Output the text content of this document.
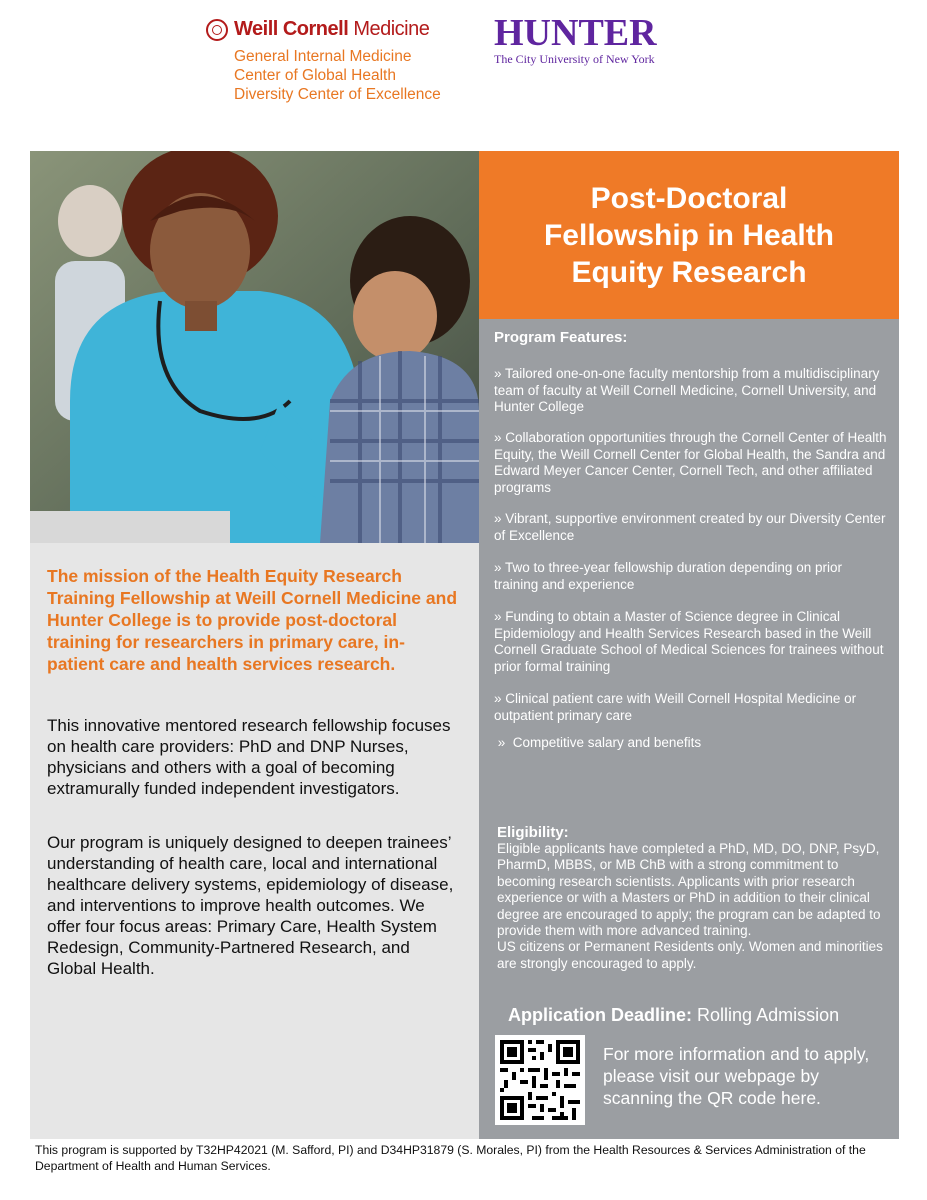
Weill Cornell Medicine
General Internal Medicine
Center of Global Health
Diversity Center of Excellence
HUNTER
The City University of New York

The mission of the Health Equity Research Training Fellowship at Weill Cornell Medicine and Hunter College is to provide post-doctoral training for researchers in primary care, in-patient care and health services research.

This innovative mentored research fellowship focuses on health care providers: PhD and DNP Nurses, physicians and others with a goal of becoming extramurally funded independent investigators.

Our program is uniquely designed to deepen trainees’ understanding of health care, local and international healthcare delivery systems, epidemiology of disease, and interventions to improve health outcomes. We offer four focus areas: Primary Care, Health System Redesign, Community-Partnered Research, and Global Health.

Post-Doctoral Fellowship in Health Equity Research

Program Features:

» Tailored one-on-one faculty mentorship from a multidisciplinary team of faculty at Weill Cornell Medicine, Cornell University, and Hunter College

» Collaboration opportunities through the Cornell Center of Health Equity, the Weill Cornell Center for Global Health, the Sandra and Edward Meyer Cancer Center, Cornell Tech, and other affiliated programs

» Vibrant, supportive environment created by our Diversity Center of Excellence

» Two to three-year fellowship duration depending on prior training and experience

» Funding to obtain a Master of Science degree in Clinical Epidemiology and Health Services Research based in the Weill Cornell Graduate School of Medical Sciences for trainees without prior formal training

» Clinical patient care with Weill Cornell Hospital Medicine or outpatient primary care

»  Competitive salary and benefits

Eligibility:

Eligible applicants have completed a PhD, MD, DO, DNP, PsyD, PharmD, MBBS, or MB ChB with a strong commitment to becoming research scientists. Applicants with prior research experience or with a Masters or PhD in addition to their clinical degree are encouraged to apply; the program can be adapted to provide them with more advanced training.
US citizens or Permanent Residents only. Women and minorities are strongly encouraged to apply.

Application Deadline: Rolling Admission

For more information and to apply, please visit our webpage by scanning the QR code here.

This program is supported by T32HP42021 (M. Safford, PI) and D34HP31879 (S. Morales, PI) from the Health Resources & Services Administration of the Department of Health and Human Services.
